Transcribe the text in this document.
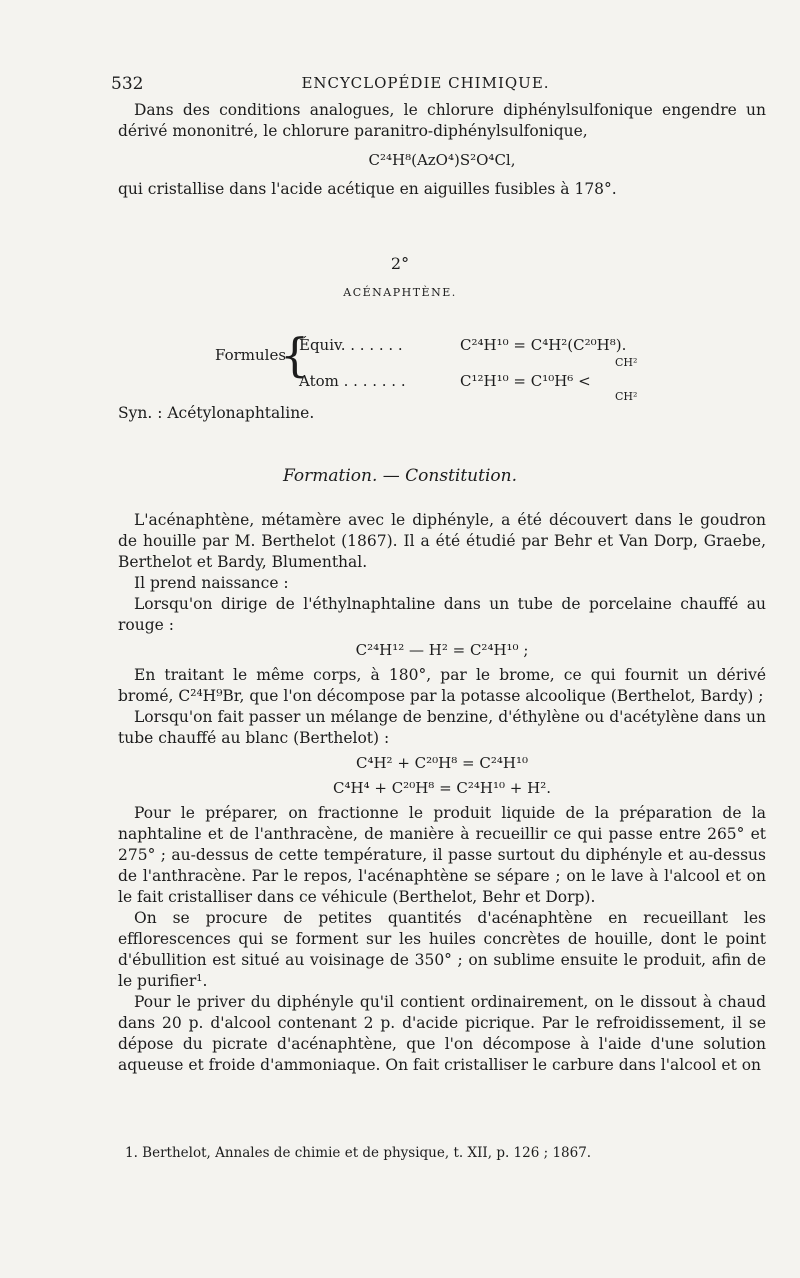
532	ENCYCLOPÉDIE CHIMIQUE.

Dans des conditions analogues, le chlorure diphénylsulfonique engendre un dérivé mononitré, le chlorure paranitro-diphénylsulfonique,

C²⁴H⁸(AzO⁴)S²O⁴Cl,

qui cristallise dans l'acide acétique en aiguilles fusibles à 178°.

2°
ACÉNAPHTÈNE.
Formules
{
Équiv. . . . . . .	C²⁴H¹⁰ = C⁴H²(C²⁰H⁸).
Atom . . . . . . .	C¹²H¹⁰ = C¹⁰H⁶ <
CH²
CH²
Syn. : Acétylonaphtaline.
Formation. — Constitution.

L'acénaphtène, métamère avec le diphényle, a été découvert dans le goudron de houille par M. Berthelot (1867). Il a été étudié par Behr et Van Dorp, Graebe, Berthelot et Bardy, Blumenthal.

Il prend naissance :

Lorsqu'on dirige de l'éthylnaphtaline dans un tube de porcelaine chauffé au rouge :

C²⁴H¹² — H² = C²⁴H¹⁰ ;

En traitant le même corps, à 180°, par le brome, ce qui fournit un dérivé bromé, C²⁴H⁹Br, que l'on décompose par la potasse alcoolique (Berthelot, Bardy) ;

Lorsqu'on fait passer un mélange de benzine, d'éthylène ou d'acétylène dans un tube chauffé au blanc (Berthelot) :

C⁴H² + C²⁰H⁸ = C²⁴H¹⁰
C⁴H⁴ + C²⁰H⁸ = C²⁴H¹⁰ + H².

Pour le préparer, on fractionne le produit liquide de la préparation de la naphtaline et de l'anthracène, de manière à recueillir ce qui passe entre 265° et 275° ; au-dessus de cette température, il passe surtout du diphényle et au-dessus de l'anthracène. Par le repos, l'acénaphtène se sépare ; on le lave à l'alcool et on le fait cristalliser dans ce véhicule (Berthelot, Behr et Dorp).

On se procure de petites quantités d'acénaphtène en recueillant les efflorescences qui se forment sur les huiles concrètes de houille, dont le point d'ébullition est situé au voisinage de 350° ; on sublime ensuite le produit, afin de le purifier¹.

Pour le priver du diphényle qu'il contient ordinairement, on le dissout à chaud dans 20 p. d'alcool contenant 2 p. d'acide picrique. Par le refroidissement, il se dépose du picrate d'acénaphtène, que l'on décompose à l'aide d'une solution aqueuse et froide d'ammoniaque. On fait cristalliser le carbure dans l'alcool et on

1. Berthelot, Annales de chimie et de physique, t. XII, p. 126 ; 1867.
